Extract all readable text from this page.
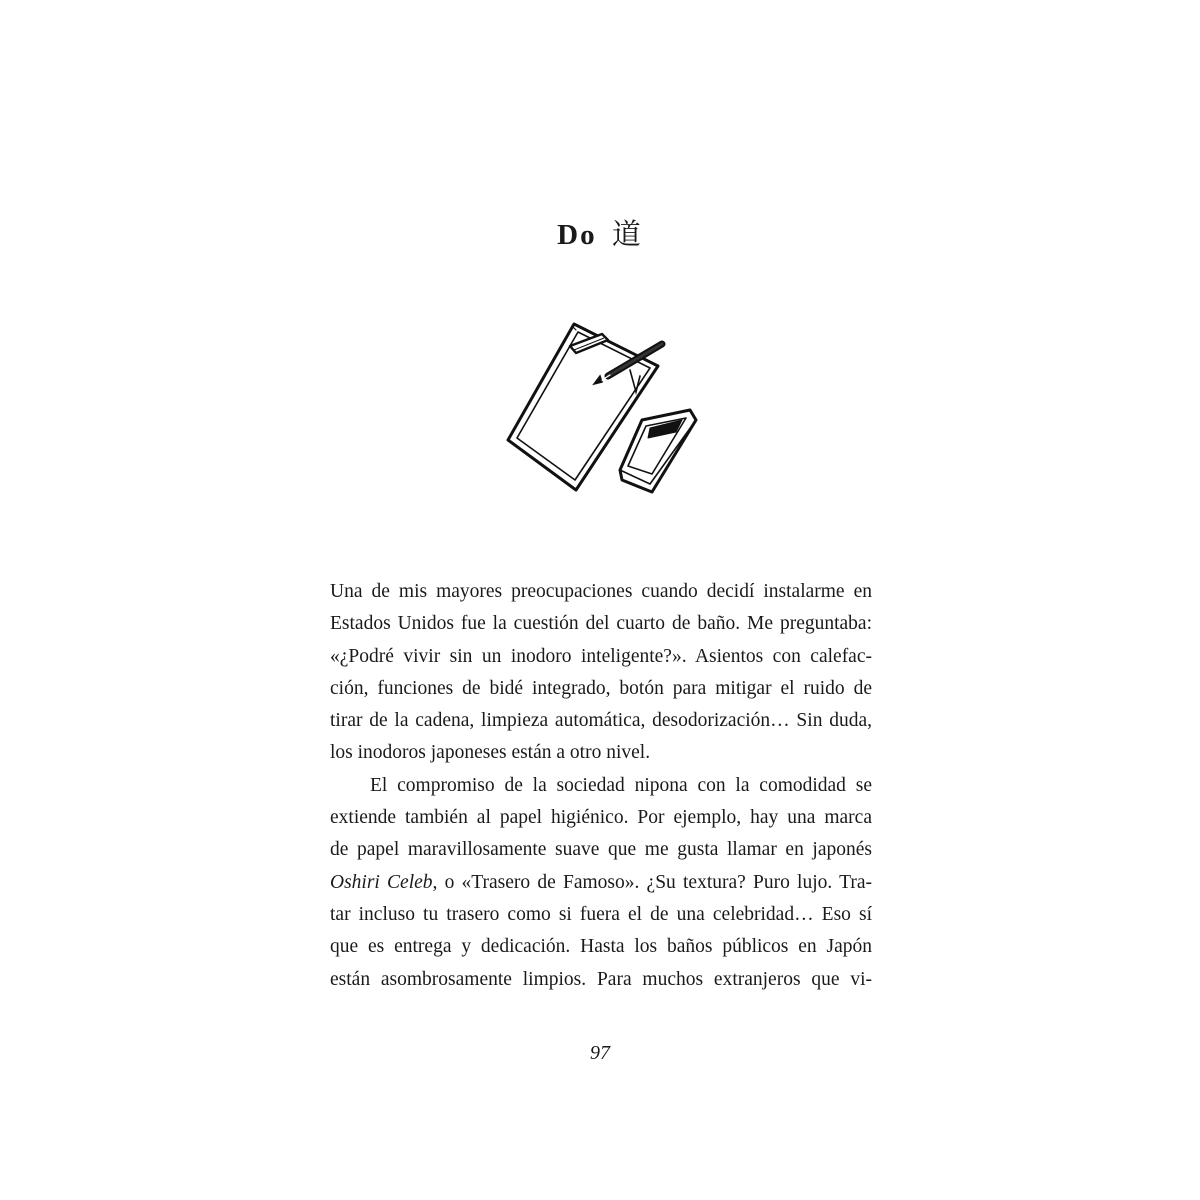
Do 道
Una de mis mayores preocupaciones cuando decidí instalarme en
Estados Unidos fue la cuestión del cuarto de baño. Me preguntaba:
«¿Podré vivir sin un inodoro inteligente?». Asientos con calefac-
ción, funciones de bidé integrado, botón para mitigar el ruido de
tirar de la cadena, limpieza automática, desodorización… Sin duda,
los inodoros japoneses están a otro nivel.
El compromiso de la sociedad nipona con la comodidad se
extiende también al papel higiénico. Por ejemplo, hay una marca
de papel maravillosamente suave que me gusta llamar en japonés
Oshiri Celeb, o «Trasero de Famoso». ¿Su textura? Puro lujo. Tra-
tar incluso tu trasero como si fuera el de una celebridad… Eso sí
que es entrega y dedicación. Hasta los baños públicos en Japón
están asombrosamente limpios. Para muchos extranjeros que vi-
97
